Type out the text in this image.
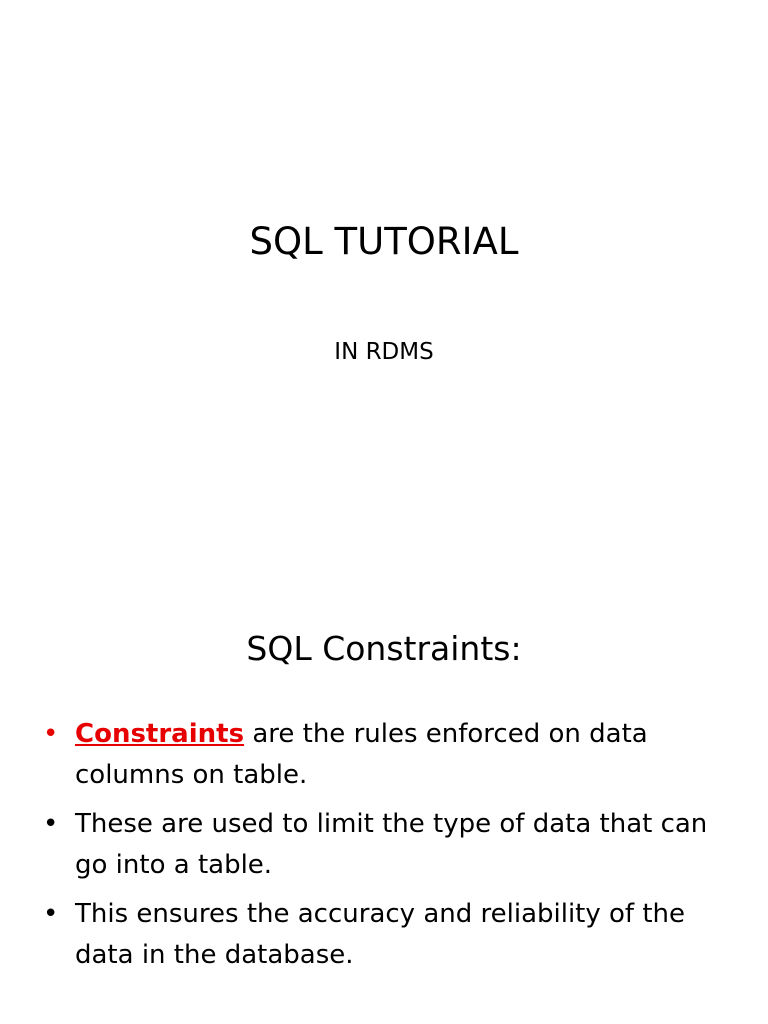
SQL TUTORIAL
IN RDMS
SQL Constraints:
• Constraints are the rules enforced on data columns on table.
• These are used to limit the type of data that can go into a table.
• This ensures the accuracy and reliability of the data in the database.
